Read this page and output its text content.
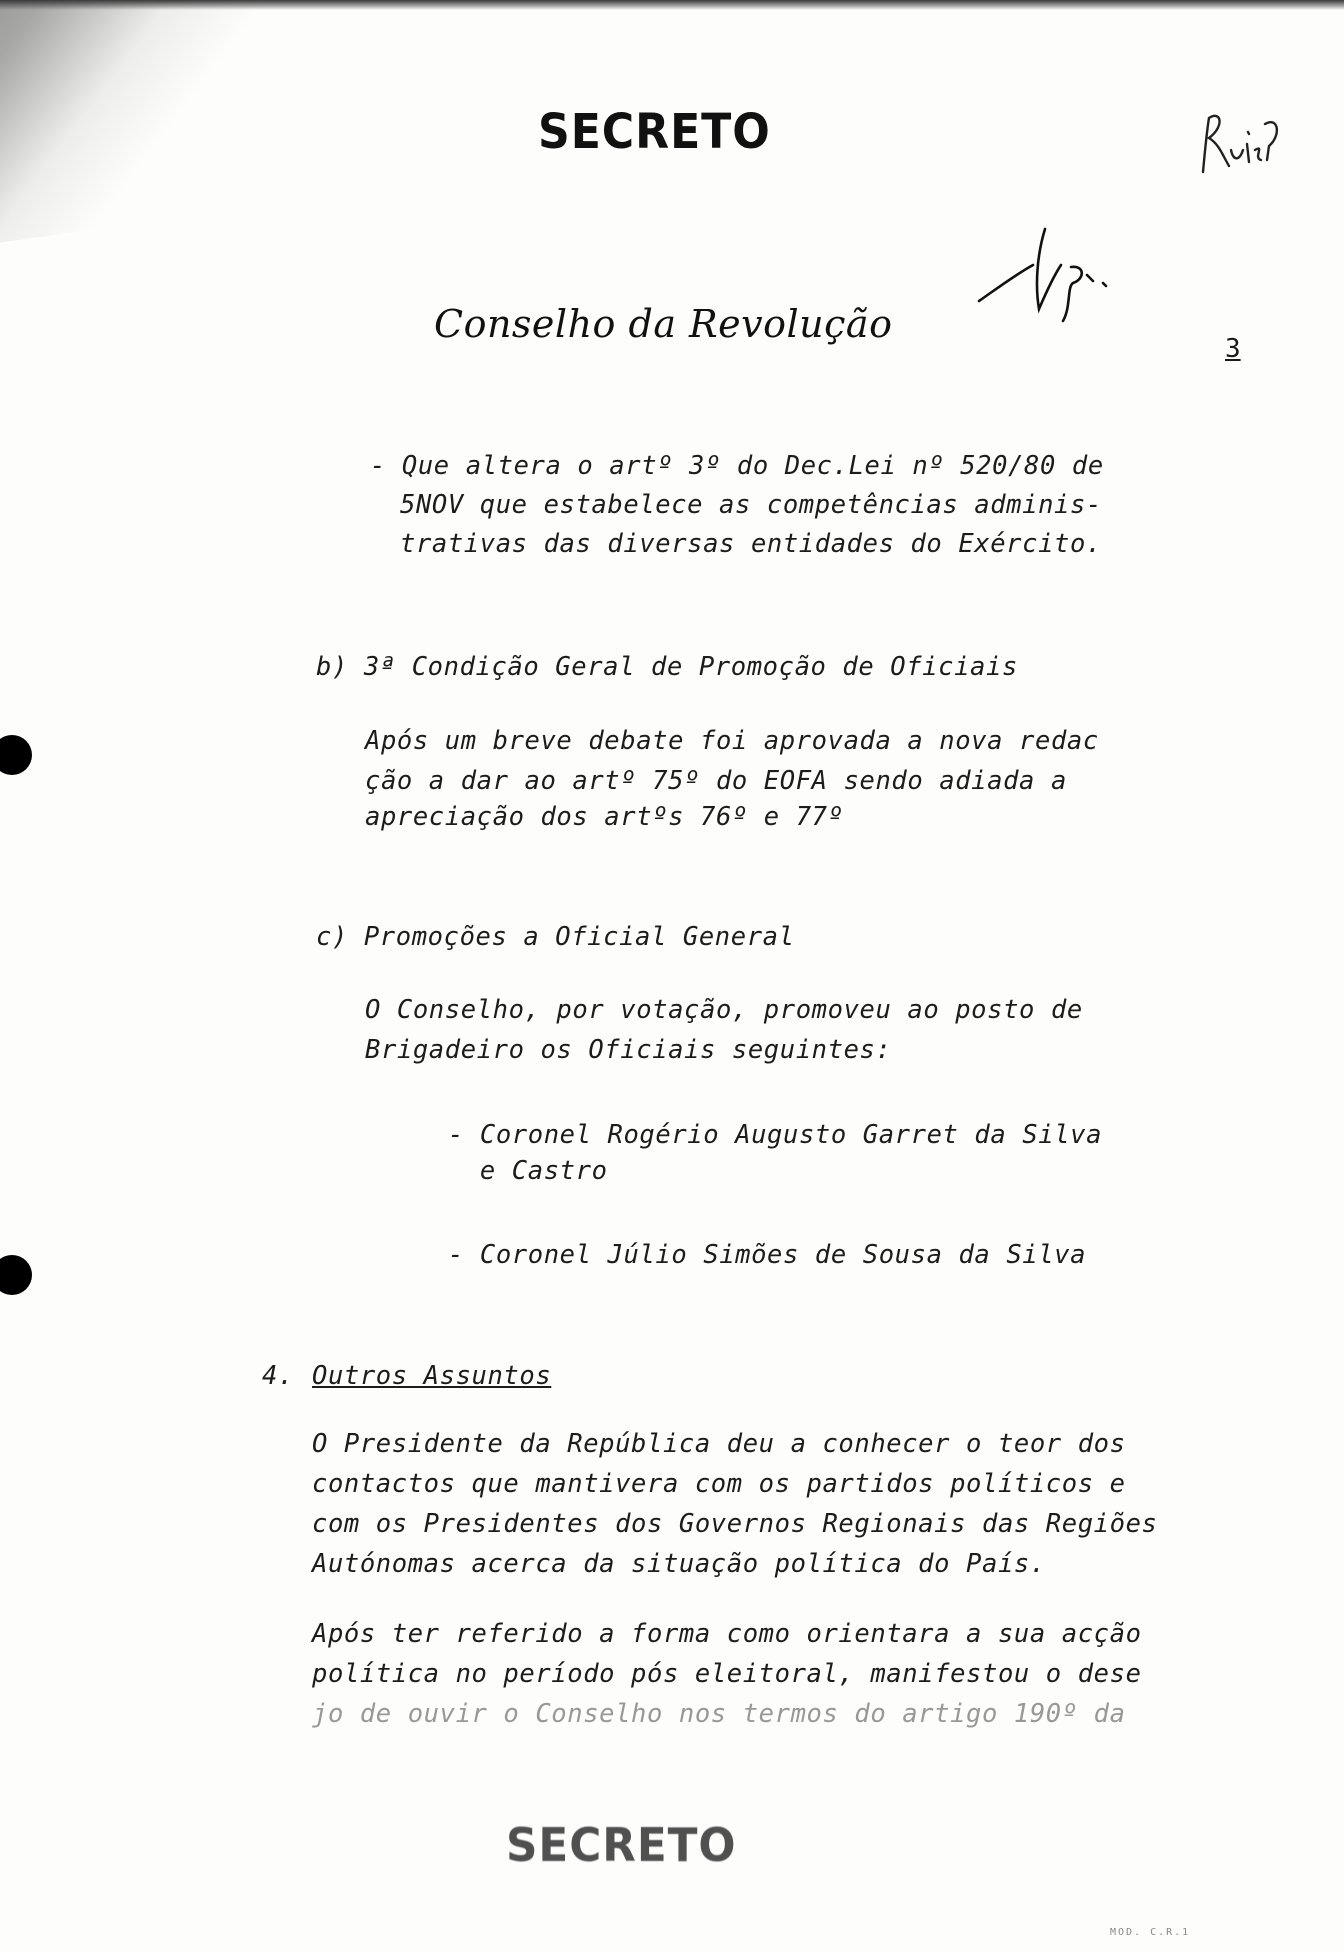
SECRETO
Conselho da Revolução
3
- Que altera o artº 3º do Dec.Lei nº 520/80 de
5NOV que estabelece as competências adminis-
trativas das diversas entidades do Exército.
b) 3ª Condição Geral de Promoção de Oficiais
Após um breve debate foi aprovada a nova redac
ção a dar ao artº 75º do EOFA sendo adiada a
apreciação dos artºs 76º e 77º
c) Promoções a Oficial General
O Conselho, por votação, promoveu ao posto de
Brigadeiro os Oficiais seguintes:
- Coronel Rogério Augusto Garret da Silva
e Castro
- Coronel Júlio Simões de Sousa da Silva
4. Outros Assuntos
O Presidente da República deu a conhecer o teor dos
contactos que mantivera com os partidos políticos e
com os Presidentes dos Governos Regionais das Regiões
Autónomas acerca da situação política do País.
Após ter referido a forma como orientara a sua acção
política no período pós eleitoral, manifestou o dese
jo de ouvir o Conselho nos termos do artigo 190º da
SECRETO
MOD. C.R.1
